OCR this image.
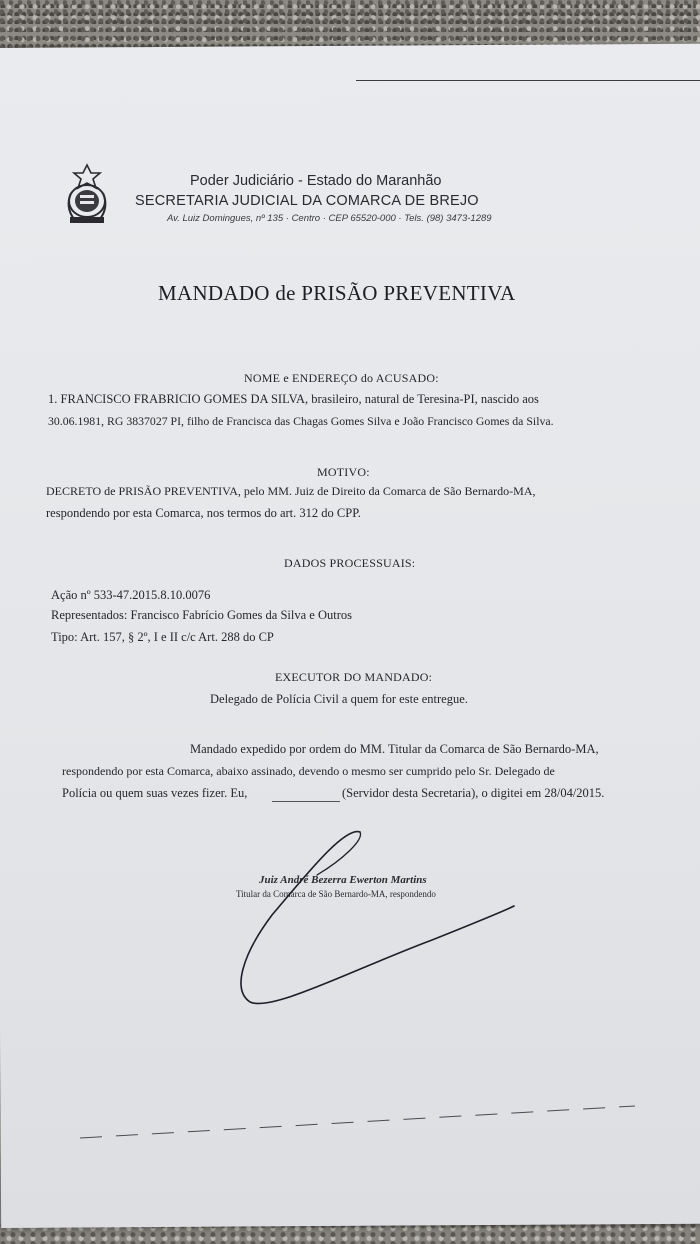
Poder Judiciário - Estado do Maranhão
SECRETARIA JUDICIAL DA COMARCA DE BREJO
Av. Luiz Domingues, nº 135 · Centro · CEP 65520-000 · Tels. (98) 3473-1289
MANDADO de PRISÃO PREVENTIVA
NOME e ENDEREÇO do ACUSADO:
1. FRANCISCO FRABRICIO GOMES DA SILVA, brasileiro, natural de Teresina-PI, nascido aos
30.06.1981, RG 3837027 PI, filho de Francisca das Chagas Gomes Silva e João Francisco Gomes da Silva.
MOTIVO:
DECRETO de PRISÃO PREVENTIVA, pelo MM. Juiz de Direito da Comarca de São Bernardo-MA,
respondendo por esta Comarca, nos termos do art. 312 do CPP.
DADOS PROCESSUAIS:
Ação nº 533-47.2015.8.10.0076
Representados: Francisco Fabrício Gomes da Silva e Outros
Tipo: Art. 157, § 2º, I e II c/c Art. 288 do CP
EXECUTOR DO MANDADO:
Delegado de Polícia Civil a quem for este entregue.
Mandado expedido por ordem do MM. Titular da Comarca de São Bernardo-MA,
respondendo por esta Comarca, abaixo assinado, devendo o mesmo ser cumprido pelo Sr. Delegado de
Polícia ou quem suas vezes fizer. Eu,	(Servidor desta Secretaria), o digitei em 28/04/2015.
Juiz André Bezerra Ewerton Martins
Titular da Comarca de São Bernardo-MA, respondendo
